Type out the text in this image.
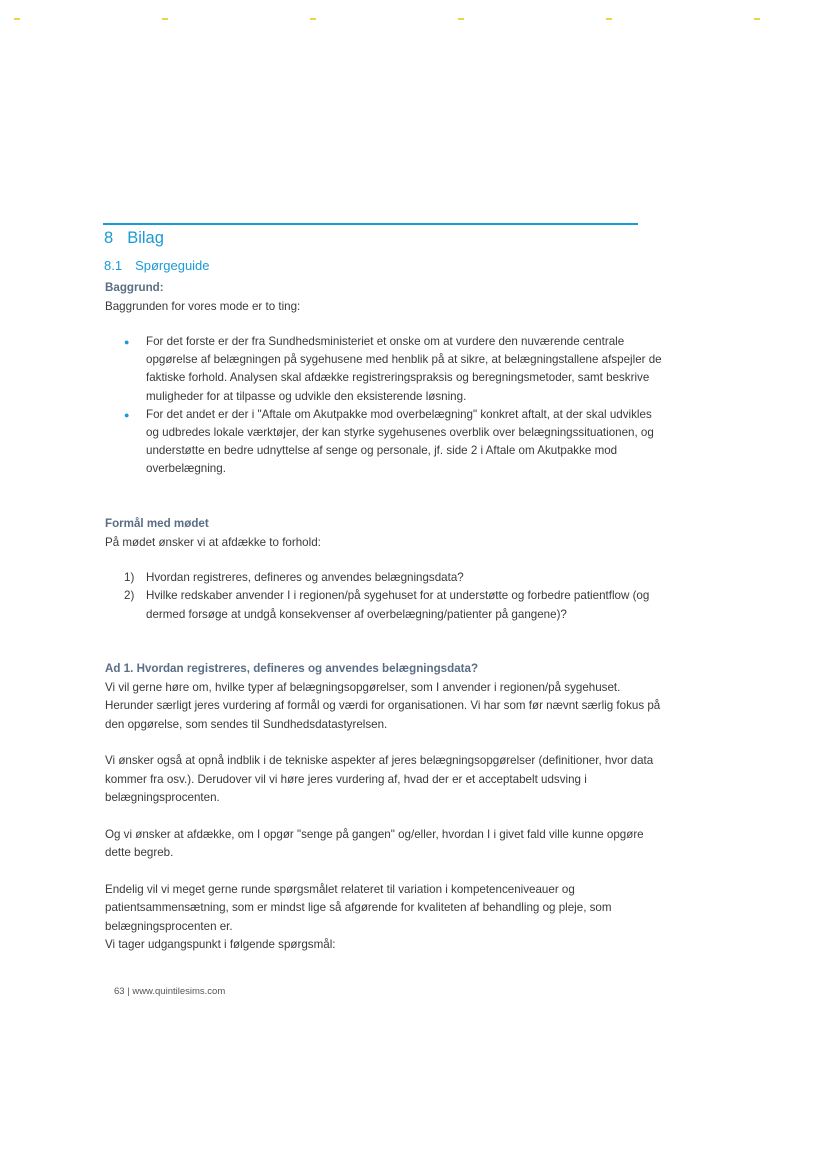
8 Bilag
8.1 Spørgeguide

Baggrund:

Baggrunden for vores mode er to ting:

●	For det forste er der fra Sundhedsministeriet et onske om at vurdere den nuværende centrale opgørelse af belægningen på sygehusene med henblik på at sikre, at belægningstallene afspejler de faktiske forhold. Analysen skal afdække registreringspraksis og beregningsmetoder, samt beskrive muligheder for at tilpasse og udvikle den eksisterende løsning.
●	For det andet er der i "Aftale om Akutpakke mod overbelægning" konkret aftalt, at der skal udvikles og udbredes lokale værktøjer, der kan styrke sygehusenes overblik over belægningssituationen, og understøtte en bedre udnyttelse af senge og personale, jf. side 2 i Aftale om Akutpakke mod overbelægning.

Formål med mødet

På mødet ønsker vi at afdække to forhold:

1)	Hvordan registreres, defineres og anvendes belægningsdata?
2)	Hvilke redskaber anvender I i regionen/på sygehuset for at understøtte og forbedre patientflow (og dermed forsøge at undgå konsekvenser af overbelægning/patienter på gangene)?

Ad 1. Hvordan registreres, defineres og anvendes belægningsdata?

Vi vil gerne høre om, hvilke typer af belægningsopgørelser, som I anvender i regionen/på sygehuset. Herunder særligt jeres vurdering af formål og værdi for organisationen. Vi har som før nævnt særlig fokus på den opgørelse, som sendes til Sundhedsdatastyrelsen.

Vi ønsker også at opnå indblik i de tekniske aspekter af jeres belægningsopgørelser (definitioner, hvor data kommer fra osv.). Derudover vil vi høre jeres vurdering af, hvad der er et acceptabelt udsving i belægningsprocenten.

Og vi ønsker at afdække, om I opgør "senge på gangen" og/eller, hvordan I i givet fald ville kunne opgøre dette begreb.

Endelig vil vi meget gerne runde spørgsmålet relateret til variation i kompetenceniveauer og patientsammensætning, som er mindst lige så afgørende for kvaliteten af behandling og pleje, som belægningsprocenten er.

Vi tager udgangspunkt i følgende spørgsmål:

63 | www.quintilesims.com
